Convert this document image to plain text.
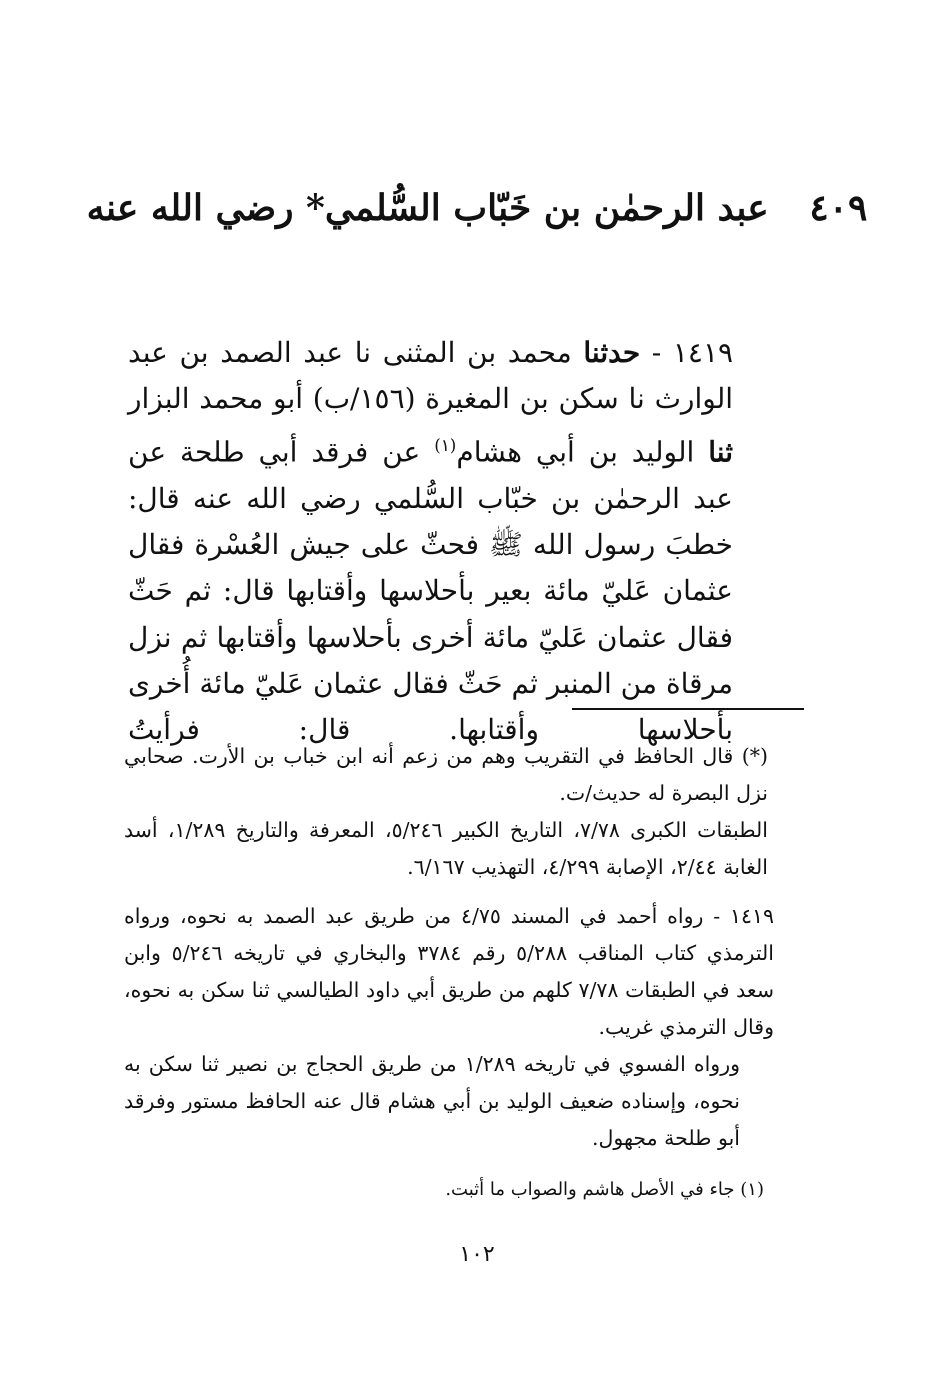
٤٠٩ عبد الرحمٰن بن خَبّاب السُّلمي* رضي الله عنه
١٤١٩ - حدثنا محمد بن المثنى نا عبد الصمد بن عبد الوارث نا سكن بن المغيرة (١٥٦/ب) أبو محمد البزار ثنا الوليد بن أبي هشام$^{(١)}$ عن فرقد أبي طلحة عن عبد الرحمٰن بن خبّاب السُّلمي رضي الله عنه قال: خطبَ رسول الله ﷺ فحثّ على جيش العُسْرة فقال عثمان عَليّ مائة بعير بأحلاسها وأقتابها قال: ثم حَثّ فقال عثمان عَليّ مائة أخرى بأحلاسها وأقتابها ثم نزل مرقاة من المنبر ثم حَثّ فقال عثمان عَليّ مائة أُخرى بأحلاسها وأقتابها. قال: فرأيتُ
(*) قال الحافظ في التقريب وهم من زعم أنه ابن خباب بن الأرت. صحابي نزل البصرة له حديث/ت.
الطبقات الكبرى ٧/٧٨، التاريخ الكبير ٥/٢٤٦، المعرفة والتاريخ ١/٢٨٩، أسد الغابة ٢/٤٤، الإصابة ٤/٢٩٩، التهذيب ٦/١٦٧.
١٤١٩ - رواه أحمد في المسند ٤/٧٥ من طريق عبد الصمد به نحوه، ورواه الترمذي كتاب المناقب ٥/٢٨٨ رقم ٣٧٨٤ والبخاري في تاريخه ٥/٢٤٦ وابن سعد في الطبقات ٧/٧٨ كلهم من طريق أبي داود الطيالسي ثنا سكن به نحوه، وقال الترمذي غريب.
ورواه الفسوي في تاريخه ١/٢٨٩ من طريق الحجاج بن نصير ثنا سكن به نحوه، وإسناده ضعيف الوليد بن أبي هشام قال عنه الحافظ مستور وفرقد أبو طلحة مجهول.
(١) جاء في الأصل هاشم والصواب ما أثبت.
١٠٢
